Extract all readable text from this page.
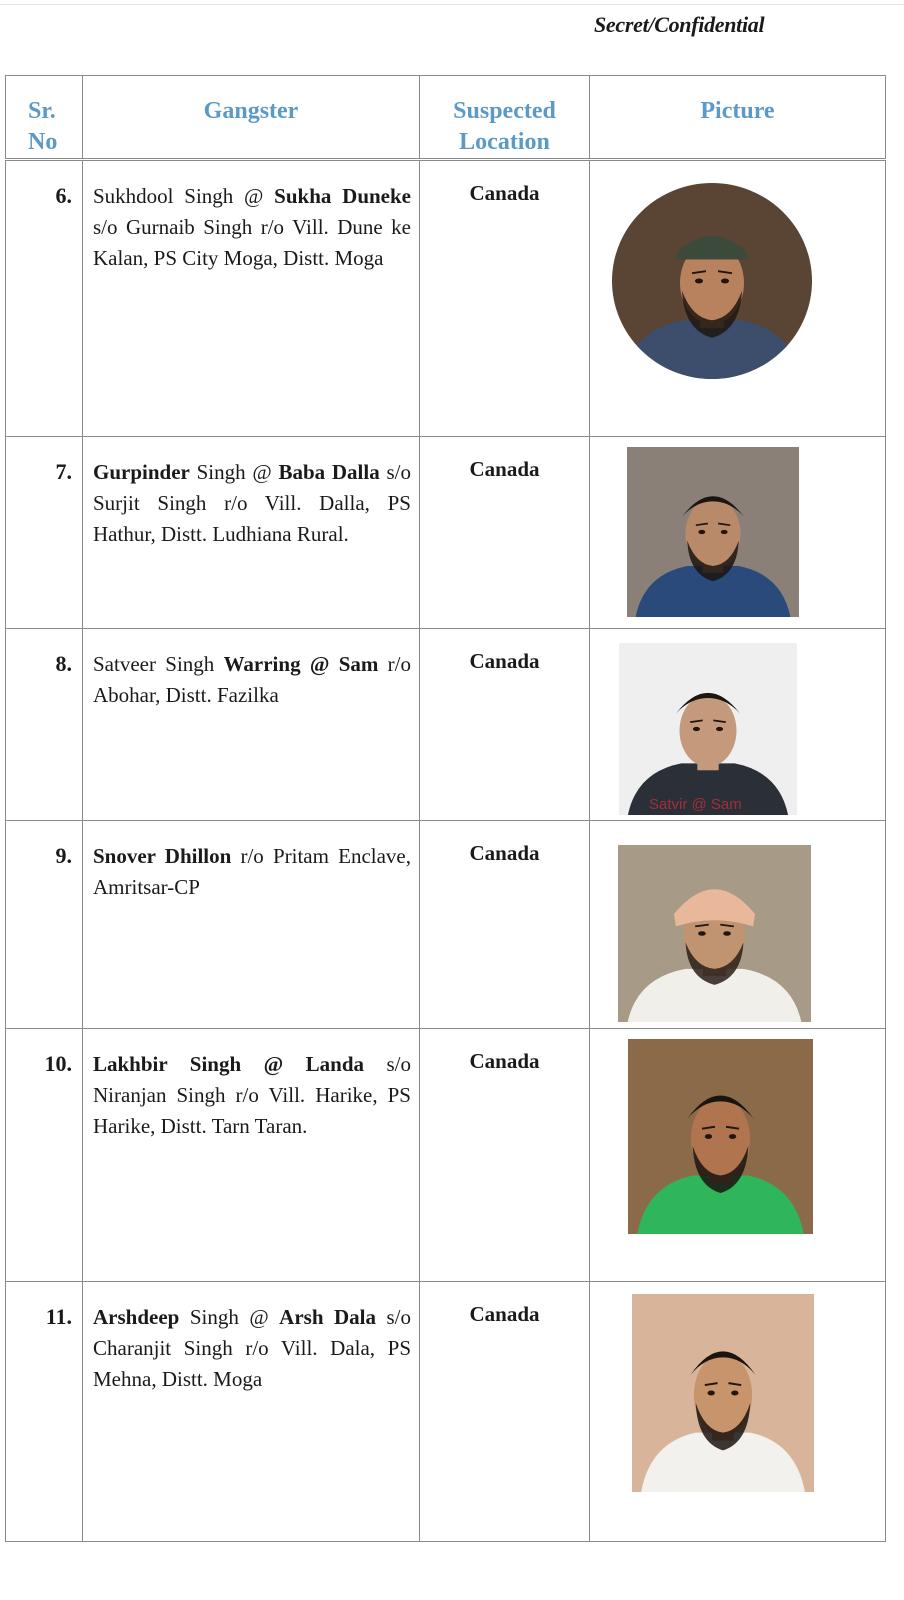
Secret/Confidential
Sr. No	Gangster	Suspected Location	Picture
6.	Sukhdool Singh @ Sukha Duneke s/o Gurnaib Singh r/o Vill. Dune ke Kalan, PS City Moga, Distt. Moga	Canada	

7.	Gurpinder Singh @ Baba Dalla s/o Surjit Singh r/o Vill. Dalla, PS Hathur, Distt. Ludhiana Rural.	Canada	

8.	Satveer Singh Warring @ Sam r/o Abohar, Distt. Fazilka	Canada	Satvir @ Sam

9.	Snover Dhillon r/o Pritam Enclave, Amritsar-CP	Canada	

10.	Lakhbir Singh @ Landa s/o Niranjan Singh r/o Vill. Harike, PS Harike, Distt. Tarn Taran.	Canada	

11.	Arshdeep Singh @ Arsh Dala s/o Charanjit Singh r/o Vill. Dala, PS Mehna, Distt. Moga	Canada	
